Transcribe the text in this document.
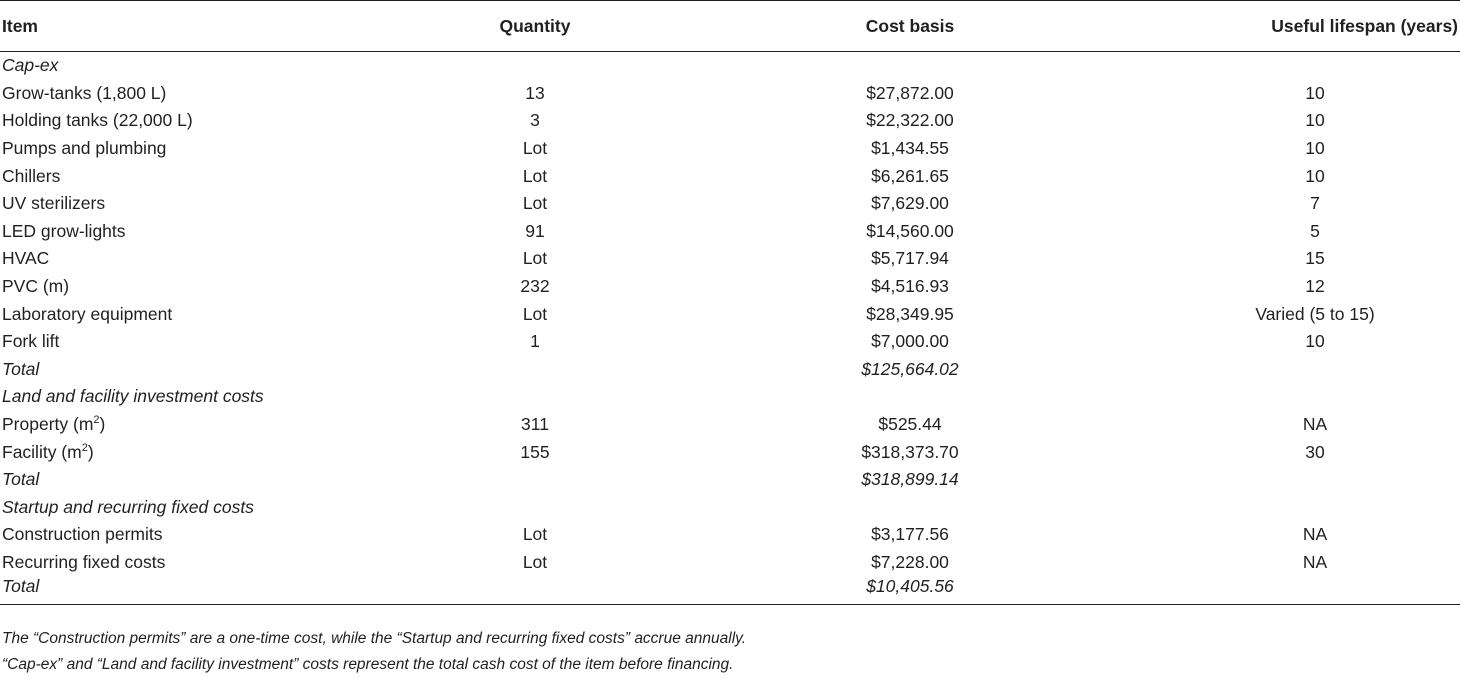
Item	Quantity	Cost basis	Useful lifespan (years)
Cap-ex			
Grow-tanks (1,800 L)	13	$27,872.00	10
Holding tanks (22,000 L)	3	$22,322.00	10
Pumps and plumbing	Lot	$1,434.55	10
Chillers	Lot	$6,261.65	10
UV sterilizers	Lot	$7,629.00	7
LED grow-lights	91	$14,560.00	5
HVAC	Lot	$5,717.94	15
PVC (m)	232	$4,516.93	12
Laboratory equipment	Lot	$28,349.95	Varied (5 to 15)
Fork lift	1	$7,000.00	10
Total		$125,664.02	
Land and facility investment costs			
Property $(m^2)$	311	$525.44	NA
Facility $(m^2)$	155	$318,373.70	30
Total		$318,899.14	
Startup and recurring fixed costs			
Construction permits	Lot	$3,177.56	NA
Recurring fixed costs	Lot	$7,228.00	NA
Total		$10,405.56	
The “Construction permits” are a one-time cost, while the “Startup and recurring fixed costs” accrue annually.
“Cap-ex” and “Land and facility investment” costs represent the total cash cost of the item before financing.
